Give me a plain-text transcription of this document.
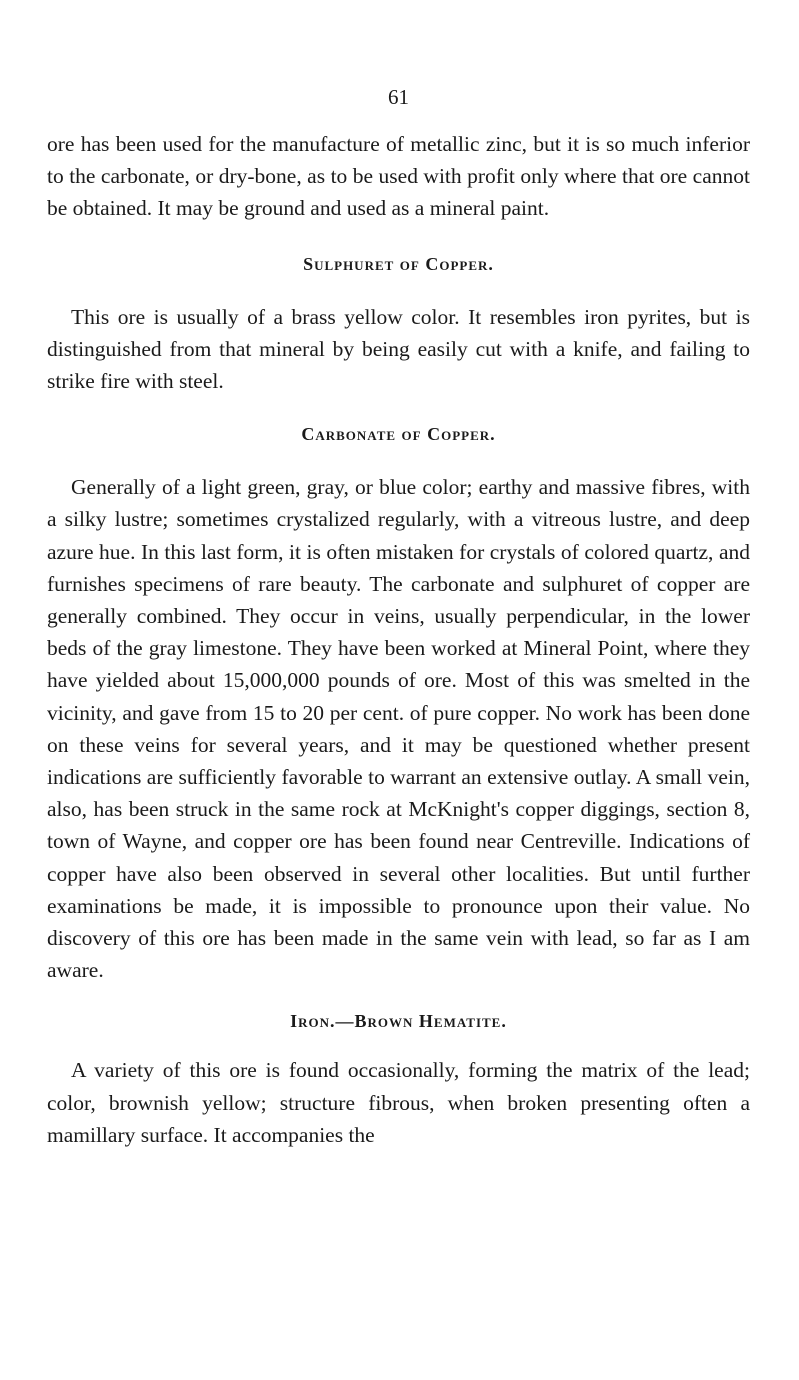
61

ore has been used for the manufacture of metallic zinc, but it is so much inferior to the carbonate, or dry-bone, as to be used with profit only where that ore cannot be obtained. It may be ground and used as a mineral paint.

Sulphuret of Copper.

This ore is usually of a brass yellow color. It resembles iron pyrites, but is distinguished from that mineral by being easily cut with a knife, and failing to strike fire with steel.

Carbonate of Copper.

Generally of a light green, gray, or blue color; earthy and massive fibres, with a silky lustre; sometimes crystalized regularly, with a vitreous lustre, and deep azure hue. In this last form, it is often mistaken for crystals of colored quartz, and furnishes specimens of rare beauty. The carbonate and sulphuret of copper are generally combined. They occur in veins, usually perpendicular, in the lower beds of the gray limestone. They have been worked at Mineral Point, where they have yielded about 15,000,000 pounds of ore. Most of this was smelted in the vicinity, and gave from 15 to 20 per cent. of pure copper. No work has been done on these veins for several years, and it may be questioned whether present indications are sufficiently favorable to warrant an extensive outlay. A small vein, also, has been struck in the same rock at McKnight's copper diggings, section 8, town of Wayne, and copper ore has been found near Centreville. Indications of copper have also been observed in several other localities. But until further examinations be made, it is impossible to pronounce upon their value. No discovery of this ore has been made in the same vein with lead, so far as I am aware.

Iron.—Brown Hematite.

A variety of this ore is found occasionally, forming the matrix of the lead; color, brownish yellow; structure fibrous, when broken presenting often a mamillary surface. It accompanies the
